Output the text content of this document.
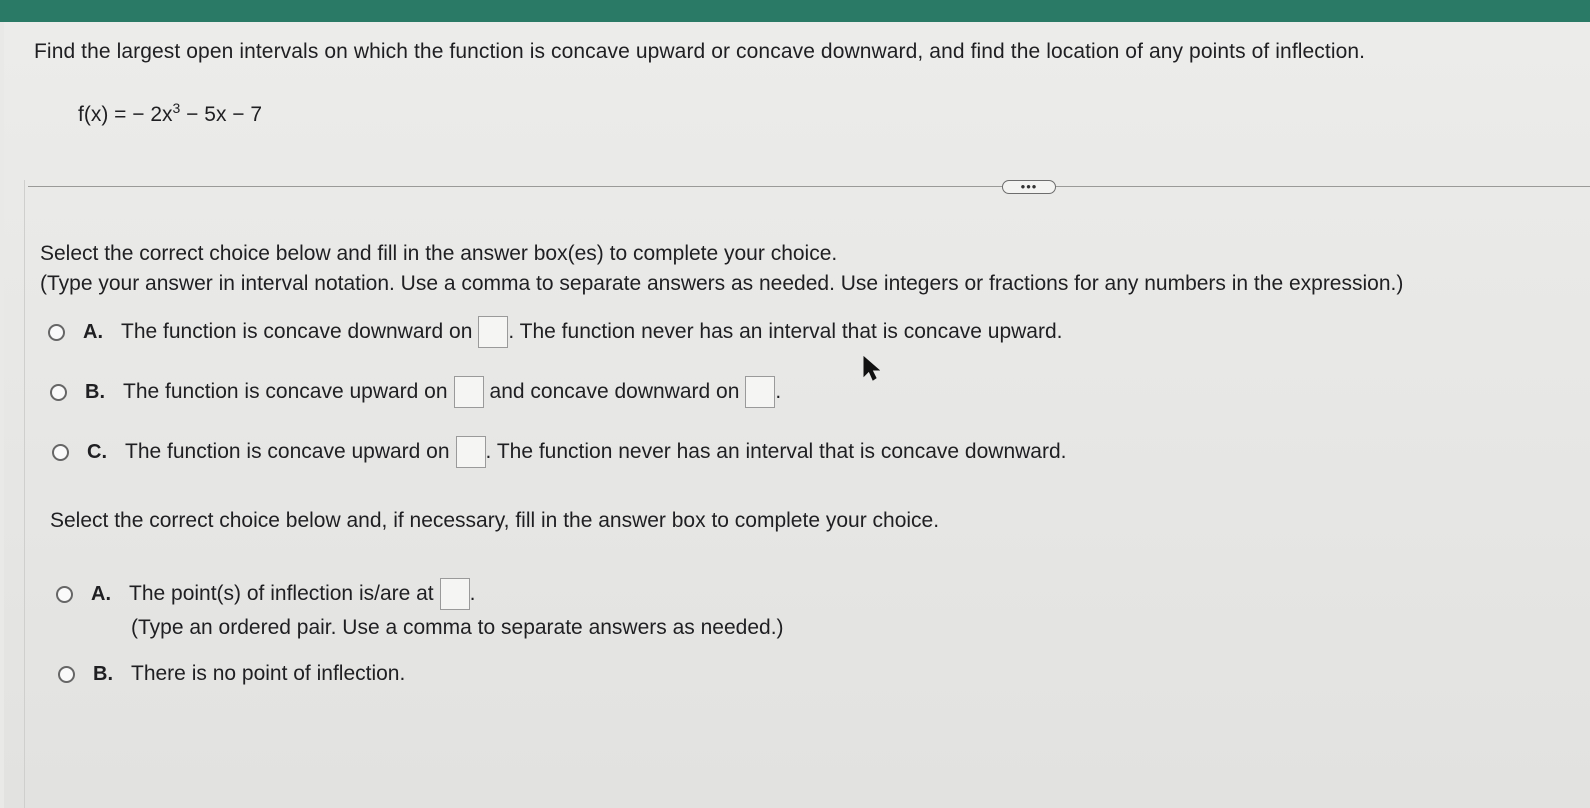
Find the largest open intervals on which the function is concave upward or concave downward, and find the location of any points of inflection.
f(x) = − $2x^3 - 5x - 7$
•••
Select the correct choice below and fill in the answer box(es) to complete your choice.
(Type your answer in interval notation. Use a comma to separate answers as needed. Use integers or fractions for any numbers in the expression.)
A. The function is concave downward on . The function never has an interval that is concave upward.
B. The function is concave upward on and concave downward on .
C. The function is concave upward on . The function never has an interval that is concave downward.
Select the correct choice below and, if necessary, fill in the answer box to complete your choice.
A. The point(s) of inflection is/are at .
(Type an ordered pair. Use a comma to separate answers as needed.)
B. There is no point of inflection.
